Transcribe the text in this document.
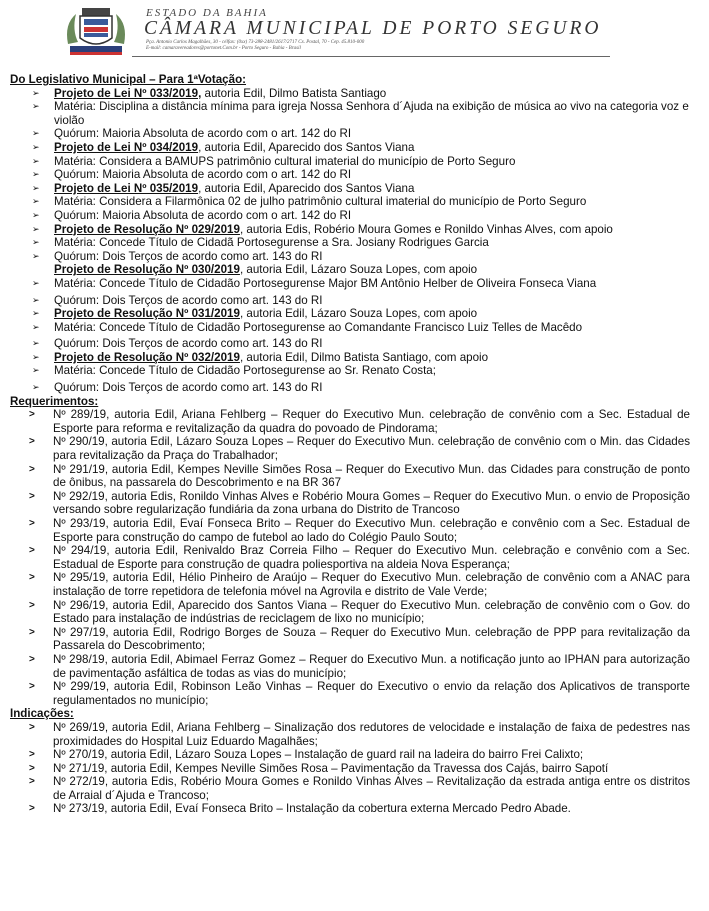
ESTADO DA BAHIA
CÂMARA MUNICIPAL DE PORTO SEGURO
Pça. Antonio Carlos Magalhães, 30 - célfax: (0xx) 73-288-2481/2617/2717 Cx. Postal, 70 - Cep. 45.810-000
E-mail: camaravereadores@portonet.Com.br - Porto Seguro - Bahia - Brasil

Do Legislativo Municipal – Para 1ªVotação:

➢ Projeto de Lei Nº 033/2019, autoria Edil, Dilmo Batista Santiago
➢ Matéria: Disciplina a distância mínima para igreja Nossa Senhora d´Ajuda na exibição de música ao vivo na categoria voz e violão
➢ Quórum: Maioria Absoluta de acordo com o art. 142 do RI
➢ Projeto de Lei Nº 034/2019, autoria Edil, Aparecido dos Santos Viana
➢ Matéria: Considera a BAMUPS patrimônio cultural imaterial do município de Porto Seguro
➢ Quórum: Maioria Absoluta de acordo com o art. 142 do RI
➢ Projeto de Lei Nº 035/2019, autoria Edil, Aparecido dos Santos Viana
➢ Matéria: Considera a Filarmônica 02 de julho patrimônio cultural imaterial do município de Porto Seguro
➢ Quórum: Maioria Absoluta de acordo com o art. 142 do RI
➢ Projeto de Resolução Nº 029/2019, autoria Edis, Robério Moura Gomes e Ronildo Vinhas Alves, com apoio
➢ Matéria: Concede Título de Cidadã Portosegurense a Sra. Josiany Rodrigues Garcia
➢ Quórum: Dois Terços de acordo como art. 143 do RI
Projeto de Resolução Nº 030/2019, autoria Edil, Lázaro Souza Lopes, com apoio
➢ Matéria: Concede Título de Cidadão Portosegurense Major BM Antônio Helber de Oliveira Fonseca Viana
➢ Quórum: Dois Terços de acordo como art. 143 do RI
➢ Projeto de Resolução Nº 031/2019, autoria Edil, Lázaro Souza Lopes, com apoio
➢ Matéria: Concede Título de Cidadão Portosegurense ao Comandante Francisco Luiz Telles de Macêdo
➢ Quórum: Dois Terços de acordo como art. 143 do RI
➢ Projeto de Resolução Nº 032/2019, autoria Edil, Dilmo Batista Santiago, com apoio
➢ Matéria: Concede Título de Cidadão Portosegurense ao Sr. Renato Costa;
➢ Quórum: Dois Terços de acordo como art. 143 do RI

Requerimentos:

> Nº 289/19, autoria Edil, Ariana Fehlberg – Requer do Executivo Mun. celebração de convênio com a Sec. Estadual de Esporte para reforma e revitalização da quadra do povoado de Pindorama;
> Nº 290/19, autoria Edil, Lázaro Souza Lopes – Requer do Executivo Mun. celebração de convênio com o Min. das Cidades para revitalização da Praça do Trabalhador;
> Nº 291/19, autoria Edil, Kempes Neville Simões Rosa – Requer do Executivo Mun. das Cidades para construção de ponto de ônibus, na passarela do Descobrimento e na BR 367
> Nº 292/19, autoria Edis, Ronildo Vinhas Alves e Robério Moura Gomes – Requer do Executivo Mun. o envio de Proposição versando sobre regularização fundiária da zona urbana do Distrito de Trancoso
> Nº 293/19, autoria Edil, Evaí Fonseca Brito – Requer do Executivo Mun. celebração e convênio com a Sec. Estadual de Esporte para construção do campo de futebol ao lado do Colégio Paulo Souto;
> Nº 294/19, autoria Edil, Renivaldo Braz Correia Filho – Requer do Executivo Mun. celebração e convênio com a Sec. Estadual de Esporte para construção de quadra poliesportiva na aldeia Nova Esperança;
> Nº 295/19, autoria Edil, Hélio Pinheiro de Araújo – Requer do Executivo Mun. celebração de convênio com a ANAC para instalação de torre repetidora de telefonia móvel na Agrovila e distrito de Vale Verde;
> Nº 296/19, autoria Edil, Aparecido dos Santos Viana – Requer do Executivo Mun. celebração de convênio com o Gov. do Estado para instalação de indústrias de reciclagem de lixo no município;
> Nº 297/19, autoria Edil, Rodrigo Borges de Souza – Requer do Executivo Mun. celebração de PPP para revitalização da Passarela do Descobrimento;
> Nº 298/19, autoria Edil, Abimael Ferraz Gomez – Requer do Executivo Mun. a notificação junto ao IPHAN para autorização de pavimentação asfáltica de todas as vias do município;
> Nº 299/19, autoria Edil, Robinson Leão Vinhas – Requer do Executivo o envio da relação dos Aplicativos de transporte regulamentados no município;

Indicações:

> Nº 269/19, autoria Edil, Ariana Fehlberg – Sinalização dos redutores de velocidade e instalação de faixa de pedestres nas proximidades do Hospital Luiz Eduardo Magalhães;
> Nº 270/19, autoria Edil, Lázaro Souza Lopes – Instalação de guard rail na ladeira do bairro Frei Calixto;
> Nº 271/19, autoria Edil, Kempes Neville Simões Rosa – Pavimentação da Travessa dos Cajás, bairro Sapotí
> Nº 272/19, autoria Edis, Robério Moura Gomes e Ronildo Vinhas Alves – Revitalização da estrada antiga entre os distritos de Arraial d´Ajuda e Trancoso;
> Nº 273/19, autoria Edil, Evaí Fonseca Brito – Instalação da cobertura externa Mercado Pedro Abade.
